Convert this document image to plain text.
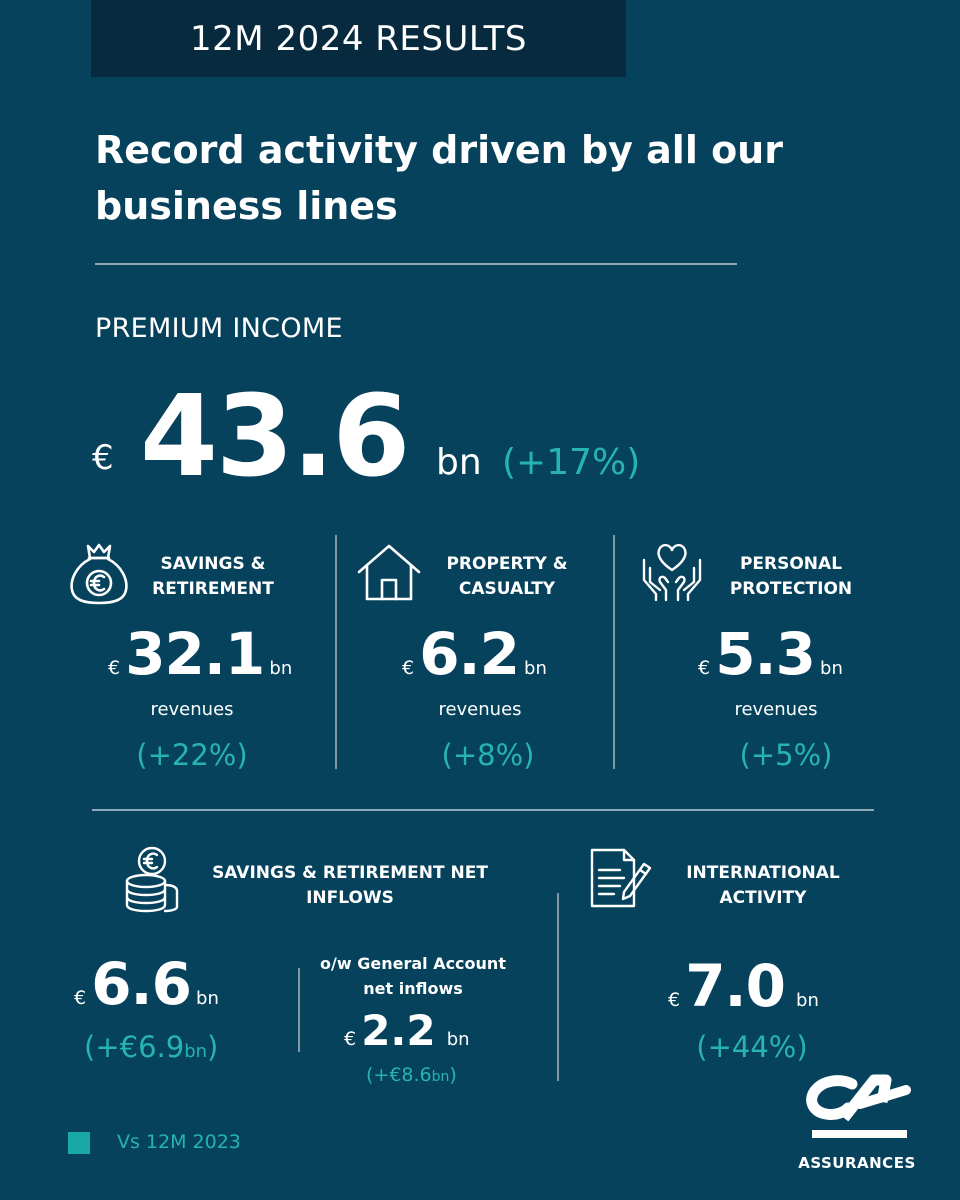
12M 2024 RESULTS
Record activity driven by all our business lines
PREMIUM INCOME
€ 43.6 bn (+17%)
SAVINGS &
RETIREMENT
€ 32.1 bn
revenues
(+22%)
PROPERTY &
CASUALTY
€ 6.2 bn
revenues
(+8%)
PERSONAL
PROTECTION
€ 5.3 bn
revenues
(+5%)
SAVINGS & RETIREMENT NET
INFLOWS
€ 6.6 bn
(+€6.9bn)
o/w General Account
net inflows
€ 2.2 bn
(+€8.6bn)
INTERNATIONAL
ACTIVITY
€ 7.0 bn
(+44%)
Vs 12M 2023
ASSURANCES
